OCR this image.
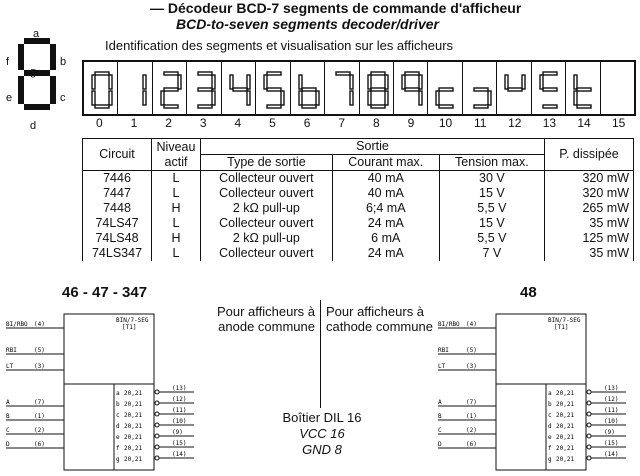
— Décodeur BCD-7 segments de commande d'afficheur
BCD-to-seven segments decoder/driver
Identification des segments et visualisation sur les afficheurs
a
b
c
d
e
f
g
0	1	2	3	4	5	6	7	8	9	10	11	12	13	14	15
Circuit	Niveau actif	Sortie			P. dissipée
		Type de sortie	Courant max.	Tension max.	
7446	L	Collecteur ouvert	40 mA	30 V	320 mW
7447	L	Collecteur ouvert	40 mA	15 V	320 mW
7448	H	2 kΩ pull-up	6;4 mA	5,5 V	265 mW
74LS47	L	Collecteur ouvert	24 mA	15 V	35 mW
74LS48	H	2 kΩ pull-up	6 mA	5,5 V	125 mW
74LS347	L	Collecteur ouvert	24 mA	7 V	35 mW
46 - 47 - 347	48
Pour afficheurs à anode commune
Pour afficheurs à cathode commune
Boîtier DIL 16
VCC 16
GND 8
BIN/7-SEG
[T1]
BI/RBO (4)
RBI	(5)
LT	(3)
A	(7)
B	(1)
C	(2)
D	(6)
a 20,21
(13)
b 20,21
(12)
c 20,21
(11)
d 20,21
(10)
e 20,21
(9)
f 20,21
(15)
g 20,21
(14)
BIN/7-SEG
[T1]
BI/RBO (4)
RBI	(5)
LT	(3)
A	(7)
B	(1)
C	(2)
D	(6)
a 20,21
(13)
b 20,21
(12)
c 20,21
(11)
d 20,21
(10)
e 20,21
(9)
f 20,21
(15)
g 20,21
(14)
